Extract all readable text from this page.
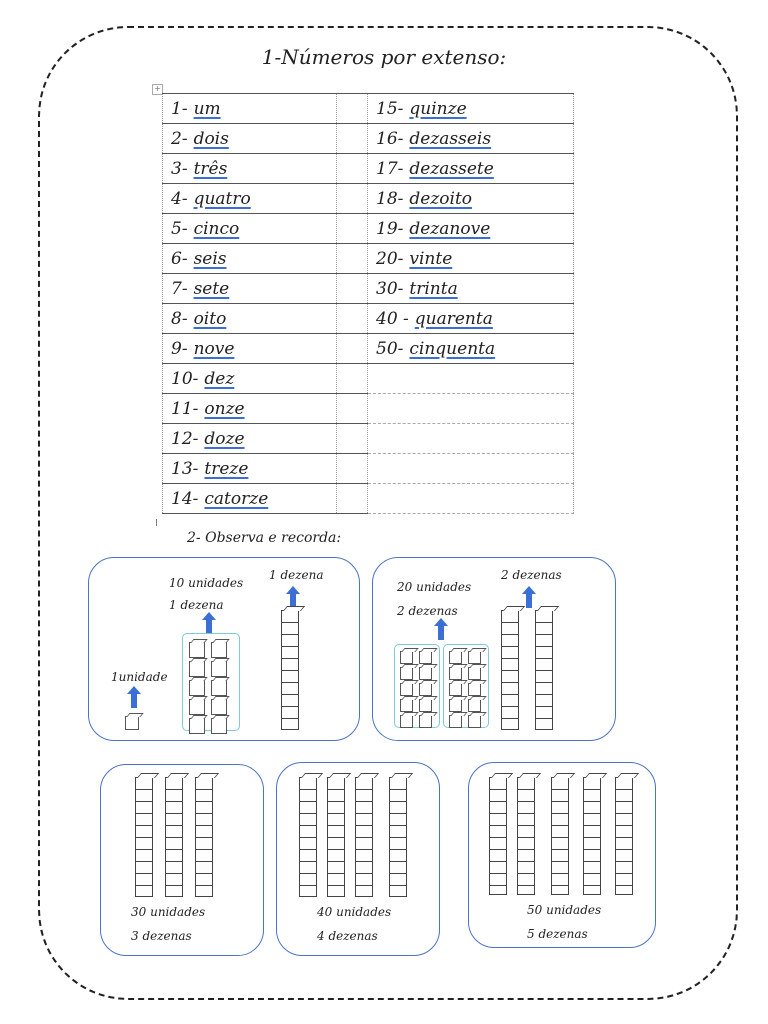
1-Números por extenso:
+
1- um		15- quinze
2- dois		16- dezasseis
3- três		17- dezassete
4- quatro		18- dezoito
5- cinco		19- dezanove
6- seis		20- vinte
7- sete		30- trinta
8- oito		40 - quarenta
9- nove		50- cinquenta
10- dez		
11- onze		
12- doze		
13- treze		
14- catorze		
I
2- Observa e recorda:
10 unidades
1 dezena
1 dezena
1unidade
20 unidades
2 dezenas
2 dezenas
30 unidades
3 dezenas
40 unidades
4 dezenas
50 unidades
5 dezenas
